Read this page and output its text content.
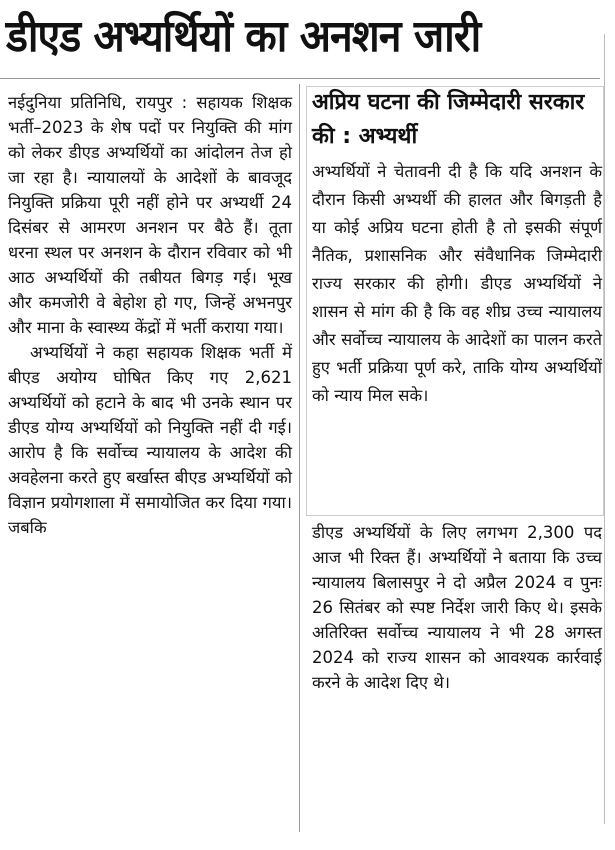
डीएड अभ्यर्थियों का अनशन जारी

नईदुनिया प्रतिनिधि, रायपुर : सहायक शिक्षक भर्ती–2023 के शेष पदों पर नियुक्ति की मांग को लेकर डीएड अभ्यर्थियों का आंदोलन तेज हो जा रहा है। न्यायालयों के आदेशों के बावजूद नियुक्ति प्रक्रिया पूरी नहीं होने पर अभ्यर्थी 24 दिसंबर से आमरण अनशन पर बैठे हैं। तूता धरना स्थल पर अनशन के दौरान रविवार को भी आठ अभ्यर्थियों की तबीयत बिगड़ गई। भूख और कमजोरी वे बेहोश हो गए, जिन्हें अभनपुर और माना के स्वास्थ्य केंद्रों में भर्ती कराया गया।

अभ्यर्थियों ने कहा सहायक शिक्षक भर्ती में बीएड अयोग्य घोषित किए गए 2,621 अभ्यर्थियों को हटाने के बाद भी उनके स्थान पर डीएड योग्य अभ्यर्थियों को नियुक्ति नहीं दी गई। आरोप है कि सर्वोच्च न्यायालय के आदेश की अवहेलना करते हुए बर्खास्त बीएड अभ्यर्थियों को विज्ञान प्रयोगशाला में समायोजित कर दिया गया। जबकि

अप्रिय घटना की जिम्मेदारी सरकार की : अभ्यर्थी

अभ्यर्थियों ने चेतावनी दी है कि यदि अनशन के दौरान किसी अभ्यर्थी की हालत और बिगड़ती है या कोई अप्रिय घटना होती है तो इसकी संपूर्ण नैतिक, प्रशासनिक और संवैधानिक जिम्मेदारी राज्य सरकार की होगी। डीएड अभ्यर्थियों ने शासन से मांग की है कि वह शीघ्र उच्च न्यायालय और सर्वोच्च न्यायालय के आदेशों का पालन करते हुए भर्ती प्रक्रिया पूर्ण करे, ताकि योग्य अभ्यर्थियों को न्याय मिल सके।

डीएड अभ्यर्थियों के लिए लगभग 2,300 पद आज भी रिक्त हैं। अभ्यर्थियों ने बताया कि उच्च न्यायालय बिलासपुर ने दो अप्रैल 2024 व पुनः 26 सितंबर को स्पष्ट निर्देश जारी किए थे। इसके अतिरिक्त सर्वोच्च न्यायालय ने भी 28 अगस्त 2024 को राज्य शासन को आवश्यक कार्रवाई करने के आदेश दिए थे।
